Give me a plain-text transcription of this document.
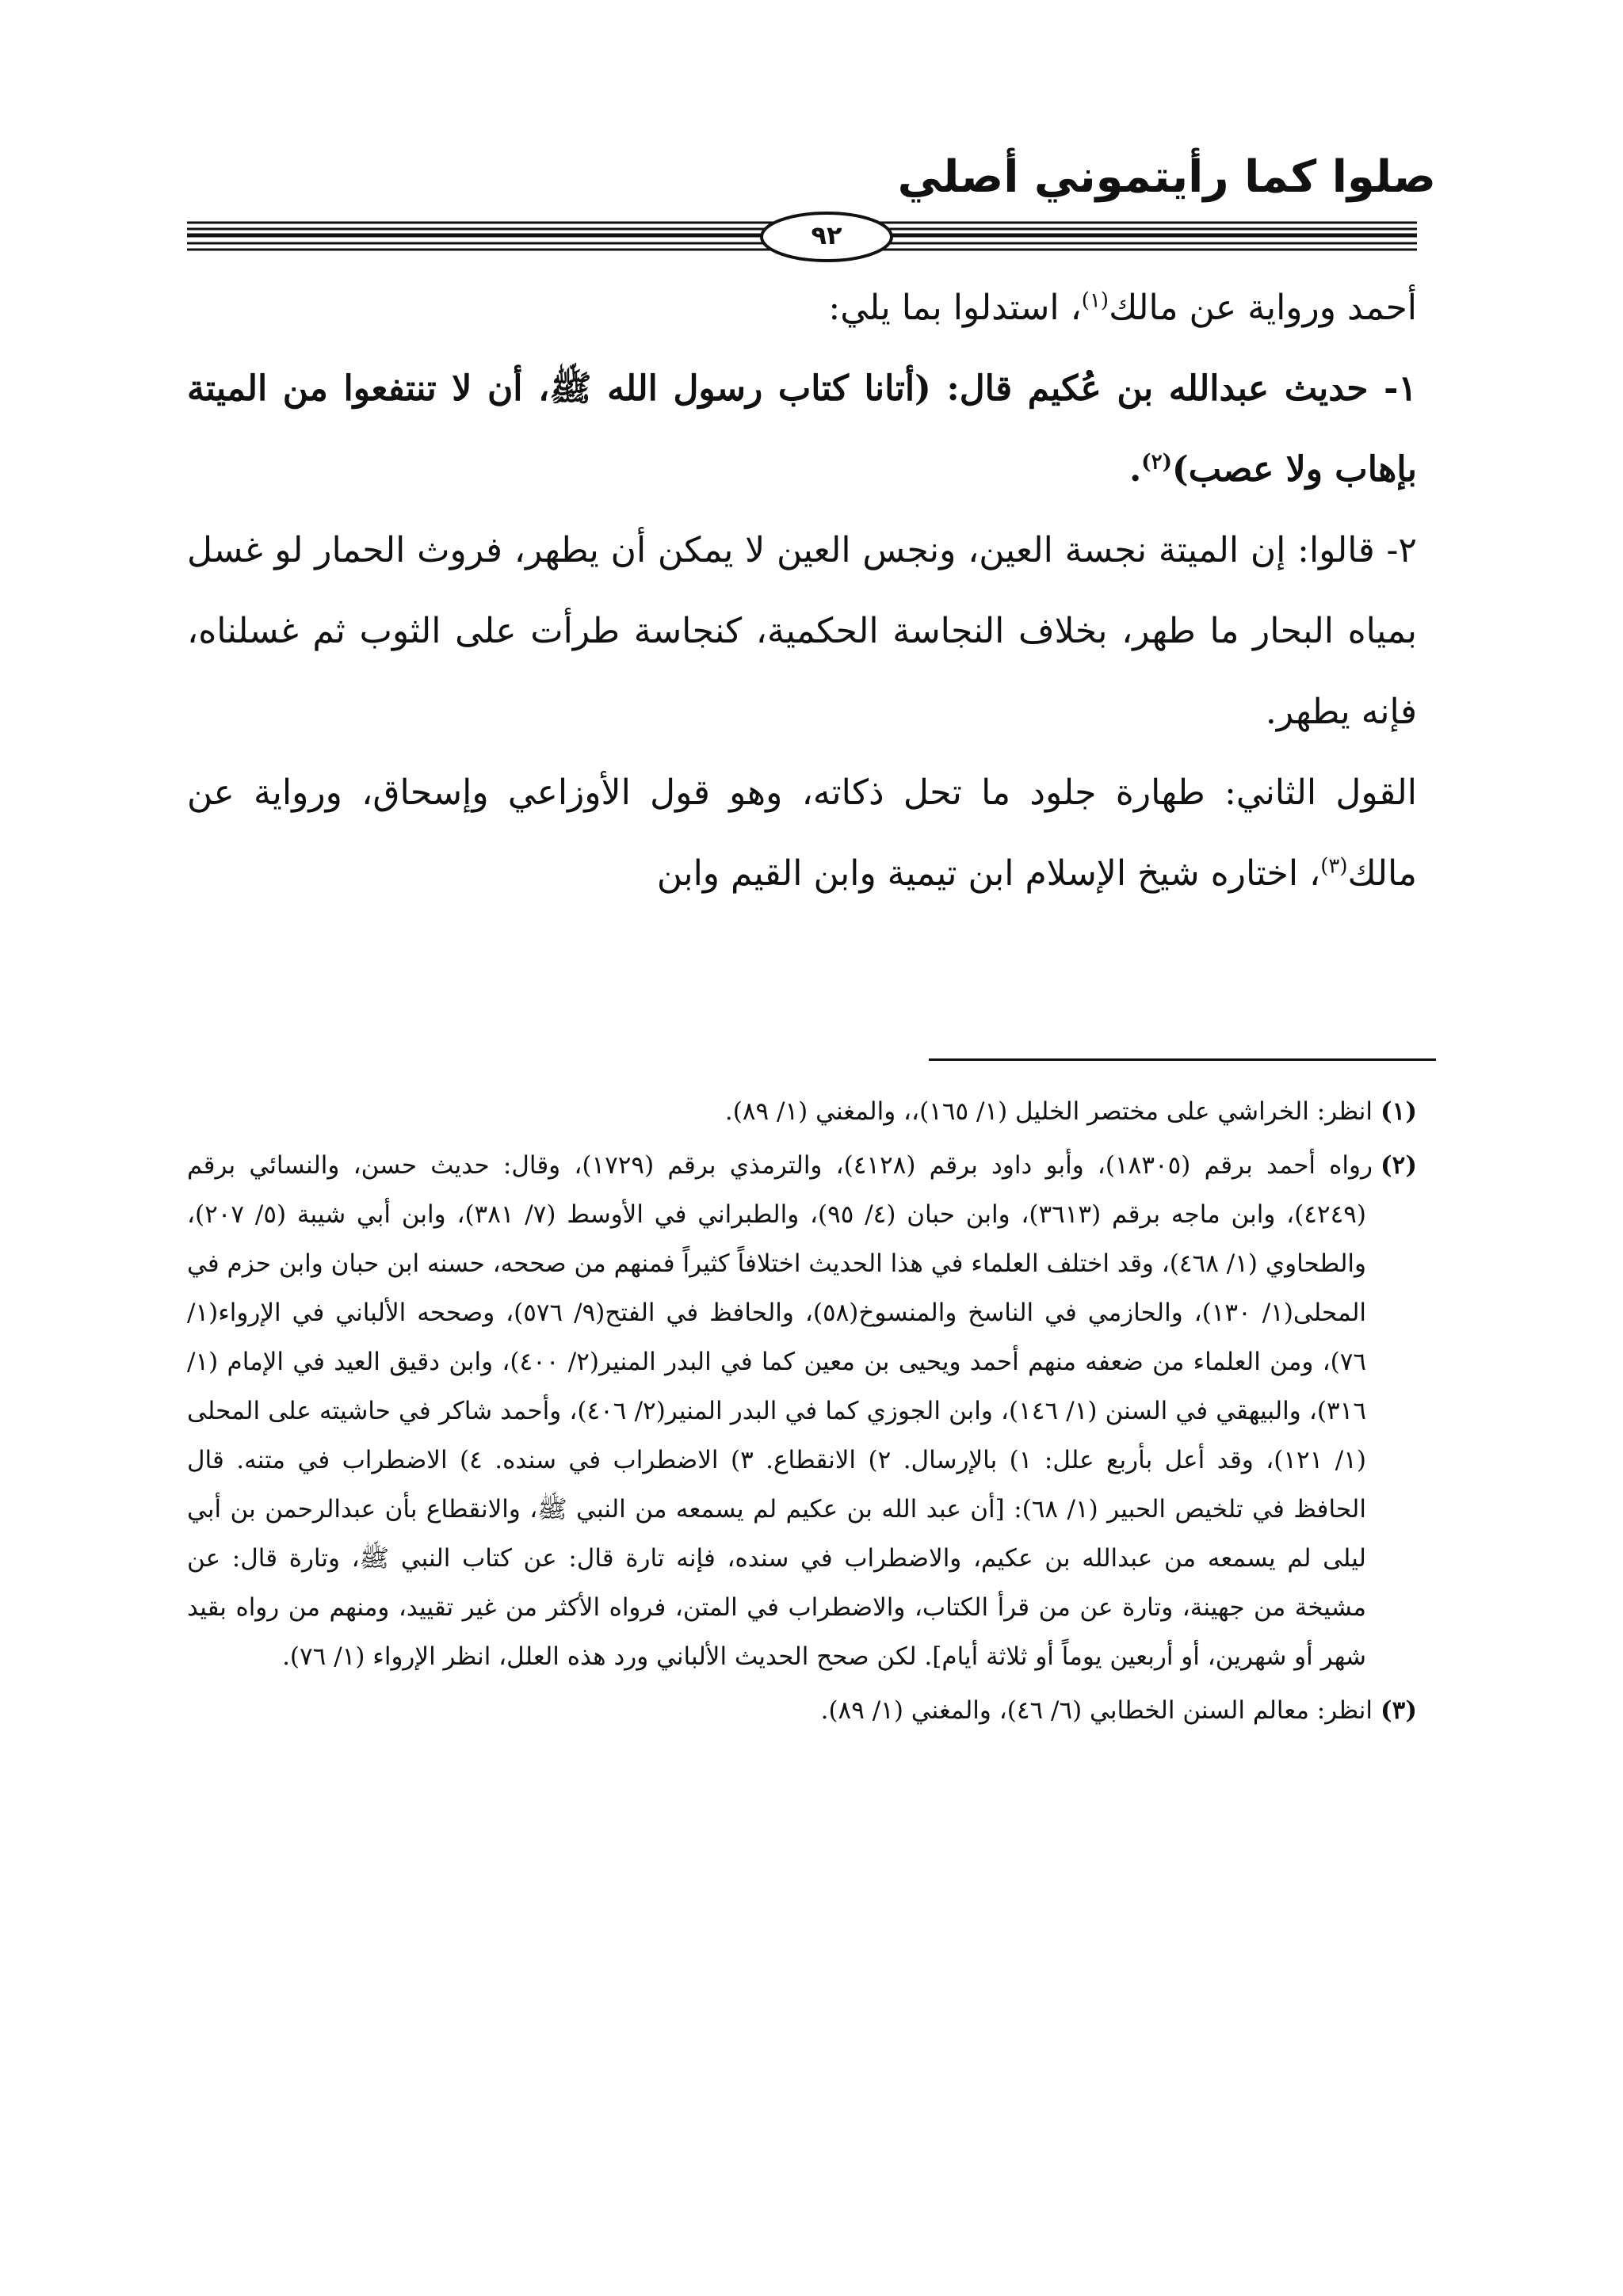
صلوا كما رأيتموني أصلي
٩٢

أحمد ورواية عن مالك$^{(١)}$، استدلوا بما يلي:

١- حديث عبدالله بن عُكيم قال: (أتانا كتاب رسول الله ﷺ، أن لا تنتفعوا من الميتة بإهاب ولا عصب)$^{(٢)}$.

٢- قالوا: إن الميتة نجسة العين، ونجس العين لا يمكن أن يطهر، فروث الحمار لو غسل بمياه البحار ما طهر، بخلاف النجاسة الحكمية، كنجاسة طرأت على الثوب ثم غسلناه، فإنه يطهر.

القول الثاني: طهارة جلود ما تحل ذكاته، وهو قول الأوزاعي وإسحاق، ورواية عن مالك$^{(٣)}$، اختاره شيخ الإسلام ابن تيمية وابن القيم وابن

(١)انظر: الخراشي على مختصر الخليل (١/ ١٦٥)،، والمغني (١/ ٨٩).

(٢)رواه أحمد برقم (١٨٣٠٥)، وأبو داود برقم (٤١٢٨)، والترمذي برقم (١٧٢٩)، وقال: حديث حسن، والنسائي برقم (٤٢٤٩)، وابن ماجه برقم (٣٦١٣)، وابن حبان (٤/ ٩٥)، والطبراني في الأوسط (٧/ ٣٨١)، وابن أبي شيبة (٥/ ٢٠٧)، والطحاوي (١/ ٤٦٨)، وقد اختلف العلماء في هذا الحديث اختلافاً كثيراً فمنهم من صححه، حسنه ابن حبان وابن حزم في المحلى(١/ ١٣٠)، والحازمي في الناسخ والمنسوخ(٥٨)، والحافظ في الفتح(٩/ ٥٧٦)، وصححه الألباني في الإرواء(١/ ٧٦)، ومن العلماء من ضعفه منهم أحمد ويحيى بن معين كما في البدر المنير(٢/ ٤٠٠)، وابن دقيق العيد في الإمام (١/ ٣١٦)، والبيهقي في السنن (١/ ١٤٦)، وابن الجوزي كما في البدر المنير(٢/ ٤٠٦)، وأحمد شاكر في حاشيته على المحلى (١/ ١٢١)، وقد أعل بأربع علل: ١) بالإرسال. ٢) الانقطاع. ٣) الاضطراب في سنده. ٤) الاضطراب في متنه. قال الحافظ في تلخيص الحبير (١/ ٦٨): [أن عبد الله بن عكيم لم يسمعه من النبي ﷺ، والانقطاع بأن عبدالرحمن بن أبي ليلى لم يسمعه من عبدالله بن عكيم، والاضطراب في سنده، فإنه تارة قال: عن كتاب النبي ﷺ، وتارة قال: عن مشيخة من جهينة، وتارة عن من قرأ الكتاب، والاضطراب في المتن، فرواه الأكثر من غير تقييد، ومنهم من رواه بقيد شهر أو شهرين، أو أربعين يوماً أو ثلاثة أيام]. لكن صحح الحديث الألباني ورد هذه العلل، انظر الإرواء (١/ ٧٦).

(٣)انظر: معالم السنن الخطابي (٦/ ٤٦)، والمغني (١/ ٨٩).
